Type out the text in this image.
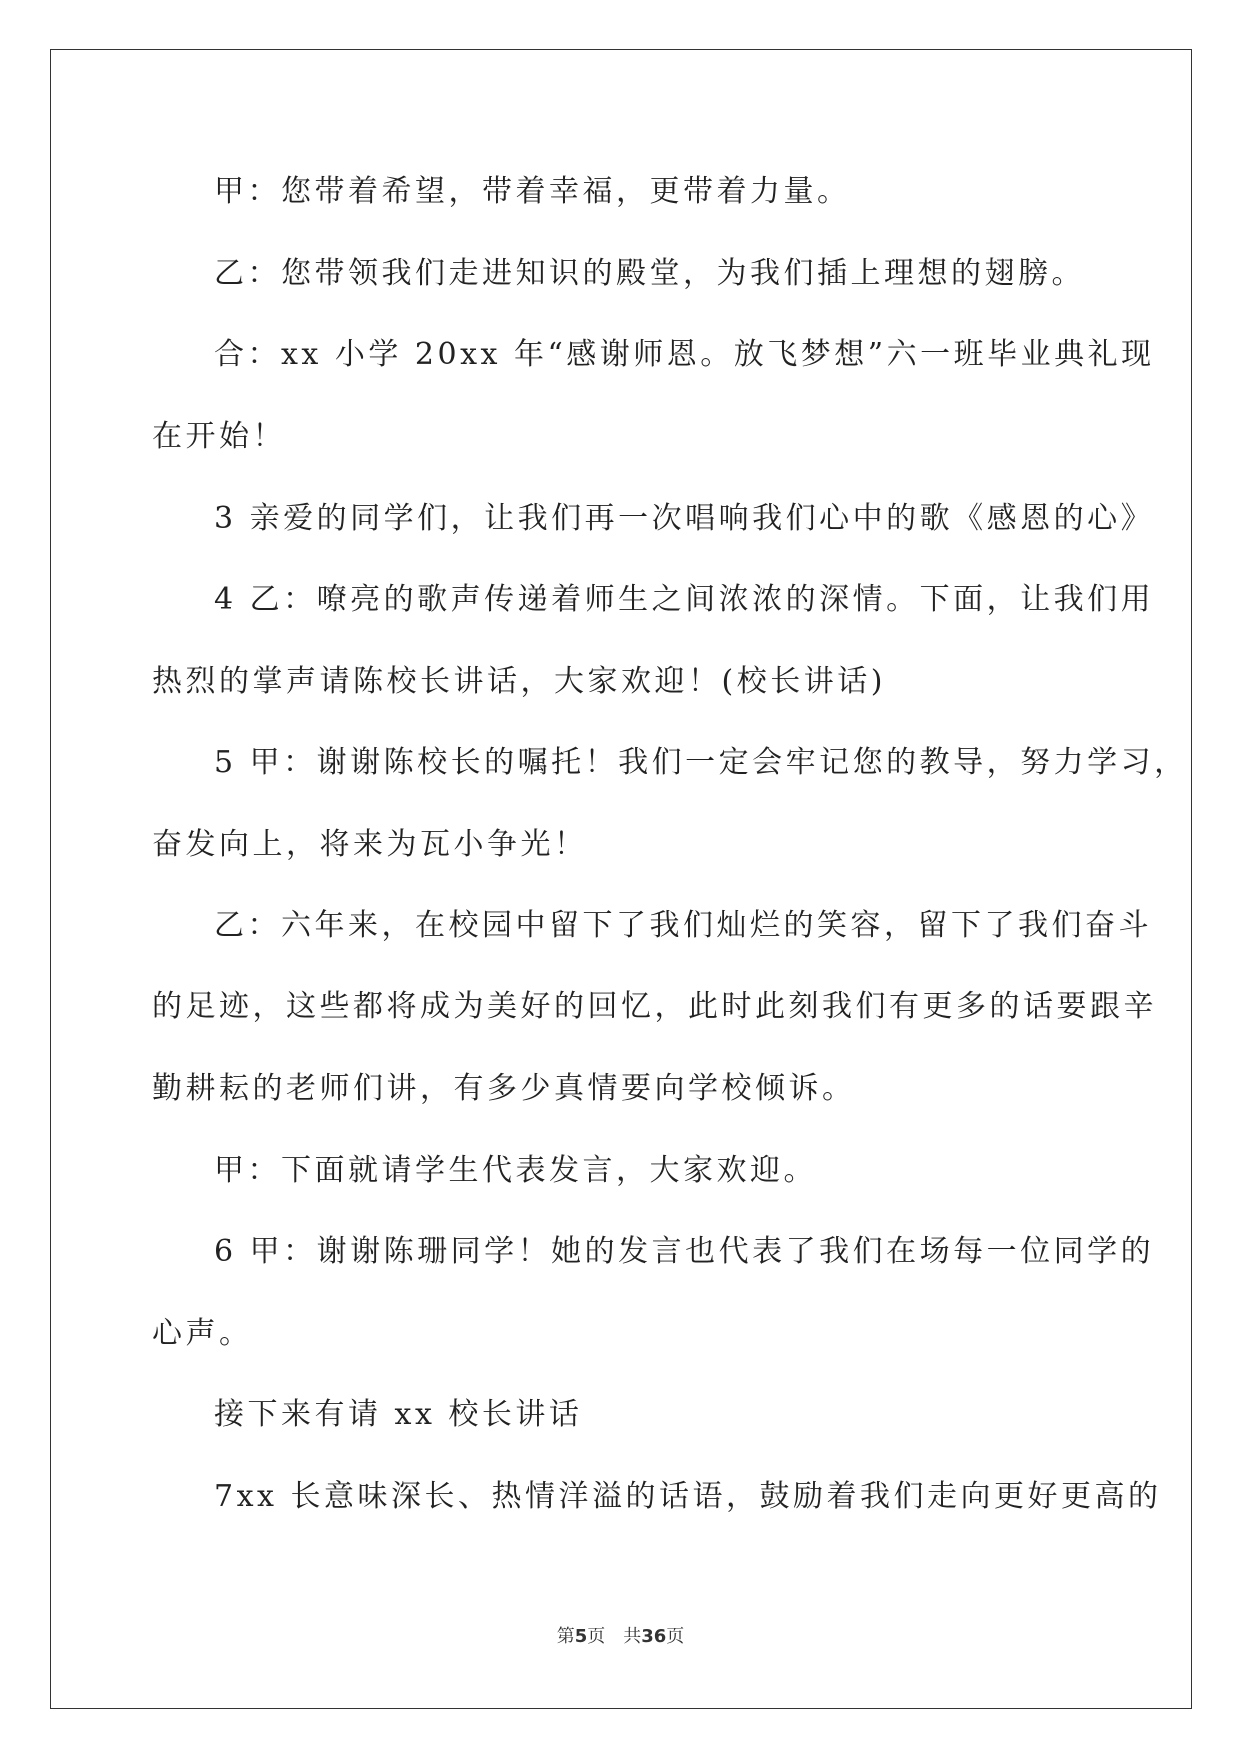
甲：您带着希望，带着幸福，更带着力量。
乙：您带领我们走进知识的殿堂，为我们插上理想的翅膀。
合：xx 小学 20xx 年“感谢师恩。放飞梦想”六一班毕业典礼现
在开始！
3 亲爱的同学们，让我们再一次唱响我们心中的歌《感恩的心》
4 乙：嘹亮的歌声传递着师生之间浓浓的深情。下面，让我们用
热烈的掌声请陈校长讲话，大家欢迎！(校长讲话)
5 甲：谢谢陈校长的嘱托！我们一定会牢记您的教导，努力学习，
奋发向上，将来为瓦小争光！
乙：六年来，在校园中留下了我们灿烂的笑容，留下了我们奋斗
的足迹，这些都将成为美好的回忆，此时此刻我们有更多的话要跟辛
勤耕耘的老师们讲，有多少真情要向学校倾诉。
甲：下面就请学生代表发言，大家欢迎。
6 甲：谢谢陈珊同学！她的发言也代表了我们在场每一位同学的
心声。
接下来有请 xx 校长讲话
7xx 长意味深长、热情洋溢的话语，鼓励着我们走向更好更高的
第5页 共36页
